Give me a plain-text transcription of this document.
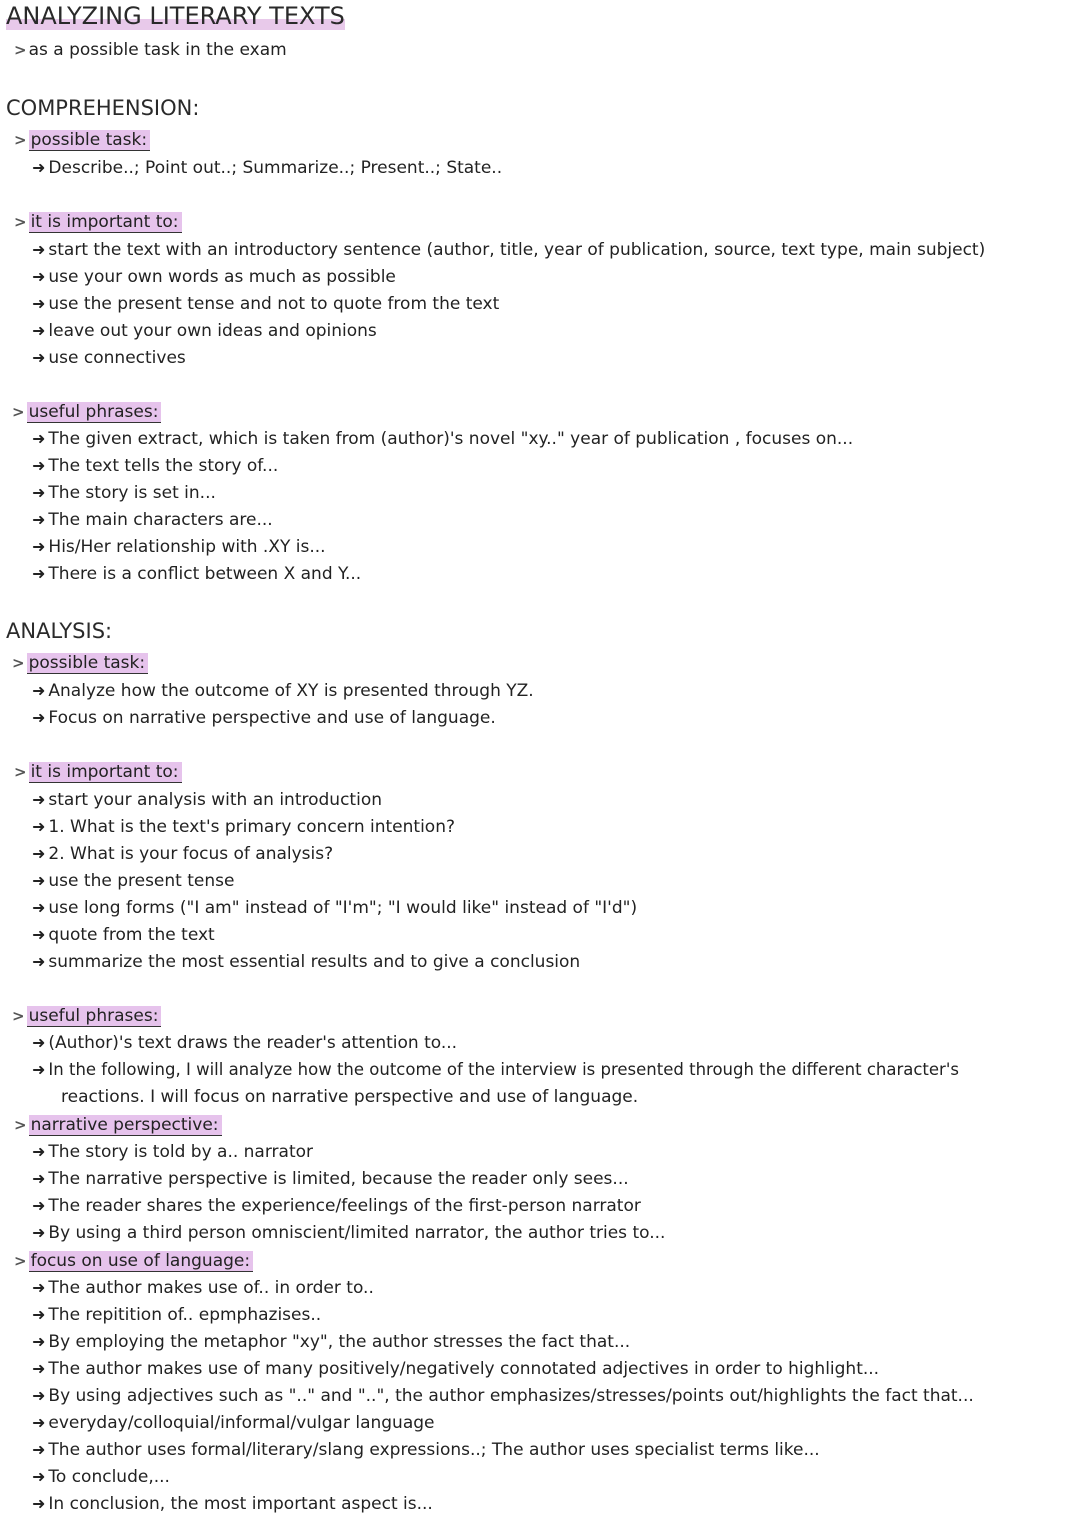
ANALYZING LITERARY TEXTS
> as a possible task in the exam
COMPREHENSION:
> possible task:
➜ Describe..; Point out..; Summarize..; Present..; State..
> it is important to:
➜ start the text with an introductory sentence (author, title, year of publication, source, text type, main subject)
➜ use your own words as much as possible
➜ use the present tense and not to quote from the text
➜ leave out your own ideas and opinions
➜ use connectives
> useful phrases:
➜ The given extract, which is taken from (author)'s novel "xy.." year of publication , focuses on...
➜ The text tells the story of...
➜ The story is set in...
➜ The main characters are...
➜ His/Her relationship with .XY is...
➜ There is a conflict between X and Y...
ANALYSIS:
> possible task:
➜ Analyze how the outcome of XY is presented through YZ.
➜ Focus on narrative perspective and use of language.
> it is important to:
➜ start your analysis with an introduction
➜ 1. What is the text's primary concern intention?
➜ 2. What is your focus of analysis?
➜ use the present tense
➜ use long forms ("I am" instead of "I'm"; "I would like" instead of "I'd")
➜ quote from the text
➜ summarize the most essential results and to give a conclusion
> useful phrases:
➜ (Author)'s text draws the reader's attention to...
➜ In the following, I will analyze how the outcome of the interview is presented through the different character's
reactions. I will focus on narrative perspective and use of language.
> narrative perspective:
➜ The story is told by a.. narrator
➜ The narrative perspective is limited, because the reader only sees...
➜ The reader shares the experience/feelings of the first-person narrator
➜ By using a third person omniscient/limited narrator, the author tries to...
> focus on use of language:
➜ The author makes use of.. in order to..
➜ The repitition of.. epmphazises..
➜ By employing the metaphor "xy", the author stresses the fact that...
➜ The author makes use of many positively/negatively connotated adjectives in order to highlight...
➜ By using adjectives such as ".." and "..", the author emphasizes/stresses/points out/highlights the fact that...
➜ everyday/colloquial/informal/vulgar language
➜ The author uses formal/literary/slang expressions..; The author uses specialist terms like...
➜ To conclude,...
➜ In conclusion, the most important aspect is...
